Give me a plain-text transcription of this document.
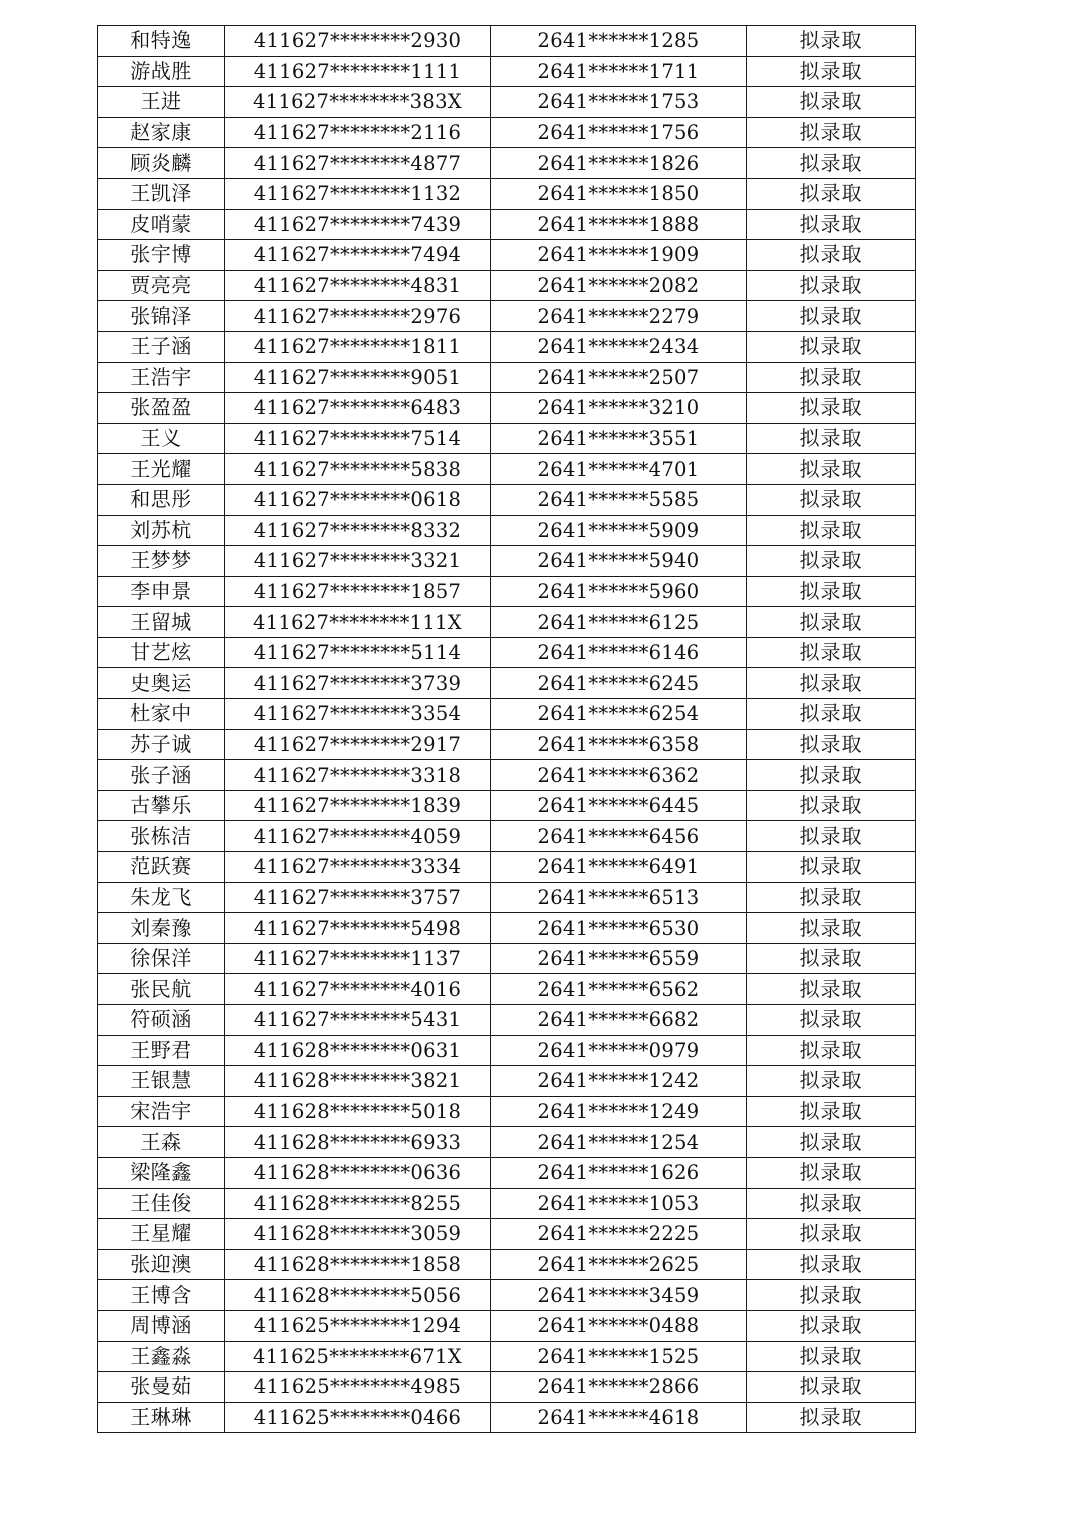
和特逸	411627********2930	2641******1285	拟录取
游战胜	411627********1111	2641******1711	拟录取
王进	411627********383X	2641******1753	拟录取
赵家康	411627********2116	2641******1756	拟录取
顾炎麟	411627********4877	2641******1826	拟录取
王凯泽	411627********1132	2641******1850	拟录取
皮哨蒙	411627********7439	2641******1888	拟录取
张宇博	411627********7494	2641******1909	拟录取
贾亮亮	411627********4831	2641******2082	拟录取
张锦泽	411627********2976	2641******2279	拟录取
王子涵	411627********1811	2641******2434	拟录取
王浩宇	411627********9051	2641******2507	拟录取
张盈盈	411627********6483	2641******3210	拟录取
王义	411627********7514	2641******3551	拟录取
王光耀	411627********5838	2641******4701	拟录取
和思彤	411627********0618	2641******5585	拟录取
刘苏杭	411627********8332	2641******5909	拟录取
王梦梦	411627********3321	2641******5940	拟录取
李申景	411627********1857	2641******5960	拟录取
王留城	411627********111X	2641******6125	拟录取
甘艺炫	411627********5114	2641******6146	拟录取
史奥运	411627********3739	2641******6245	拟录取
杜家中	411627********3354	2641******6254	拟录取
苏子诚	411627********2917	2641******6358	拟录取
张子涵	411627********3318	2641******6362	拟录取
古攀乐	411627********1839	2641******6445	拟录取
张栋洁	411627********4059	2641******6456	拟录取
范跃赛	411627********3334	2641******6491	拟录取
朱龙飞	411627********3757	2641******6513	拟录取
刘秦豫	411627********5498	2641******6530	拟录取
徐保洋	411627********1137	2641******6559	拟录取
张民航	411627********4016	2641******6562	拟录取
符硕涵	411627********5431	2641******6682	拟录取
王野君	411628********0631	2641******0979	拟录取
王银慧	411628********3821	2641******1242	拟录取
宋浩宇	411628********5018	2641******1249	拟录取
王森	411628********6933	2641******1254	拟录取
梁隆鑫	411628********0636	2641******1626	拟录取
王佳俊	411628********8255	2641******1053	拟录取
王星耀	411628********3059	2641******2225	拟录取
张迎澳	411628********1858	2641******2625	拟录取
王博含	411628********5056	2641******3459	拟录取
周博涵	411625********1294	2641******0488	拟录取
王鑫淼	411625********671X	2641******1525	拟录取
张曼茹	411625********4985	2641******2866	拟录取
王琳琳	411625********0466	2641******4618	拟录取
